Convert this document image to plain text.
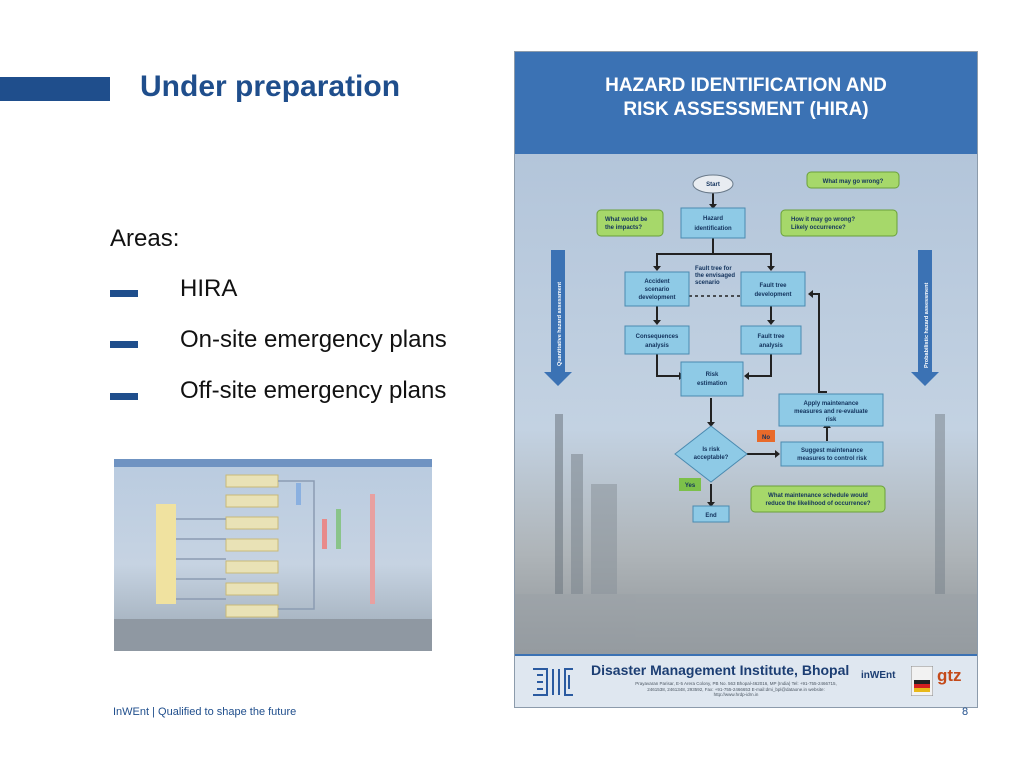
Under preparation
Areas:
HIRA
On-site emergency plans
Off-site emergency plans
HAZARD IDENTIFICATION AND
RISK ASSESSMENT (HIRA)
Quantitative hazard assessment	Probabilistic hazard assessment
Start	What may go wrong?
Hazard
identification
What would be
the impacts?
How it may go wrong?
Likely occurrence?
Fault tree for
the envisaged
scenario
Accident
scenario
development
Fault tree
development
Consequences
analysis
Fault tree
analysis
Risk
estimation
Apply maintenance
measures and re-evaluate
risk
Is risk
acceptable?
No
Suggest maintenance
measures to control risk
Yes
End
What maintenance schedule would
reduce the likelihood of occurrence?
Disaster Management Institute, Bhopal
Prayavaran Parisar, E-5 Arera Colony, PB No. 563 Bhopal-462016, MP (India) Tel: +91-755-2466715, 2461538, 2461348, 293592, Fax: +91-755-2466653 E-mail:dmi_bpl@dataone.in website: http://www.hrdp-idrn.in
inWEnt gtz
InWEnt | Qualified to shape the future	8
